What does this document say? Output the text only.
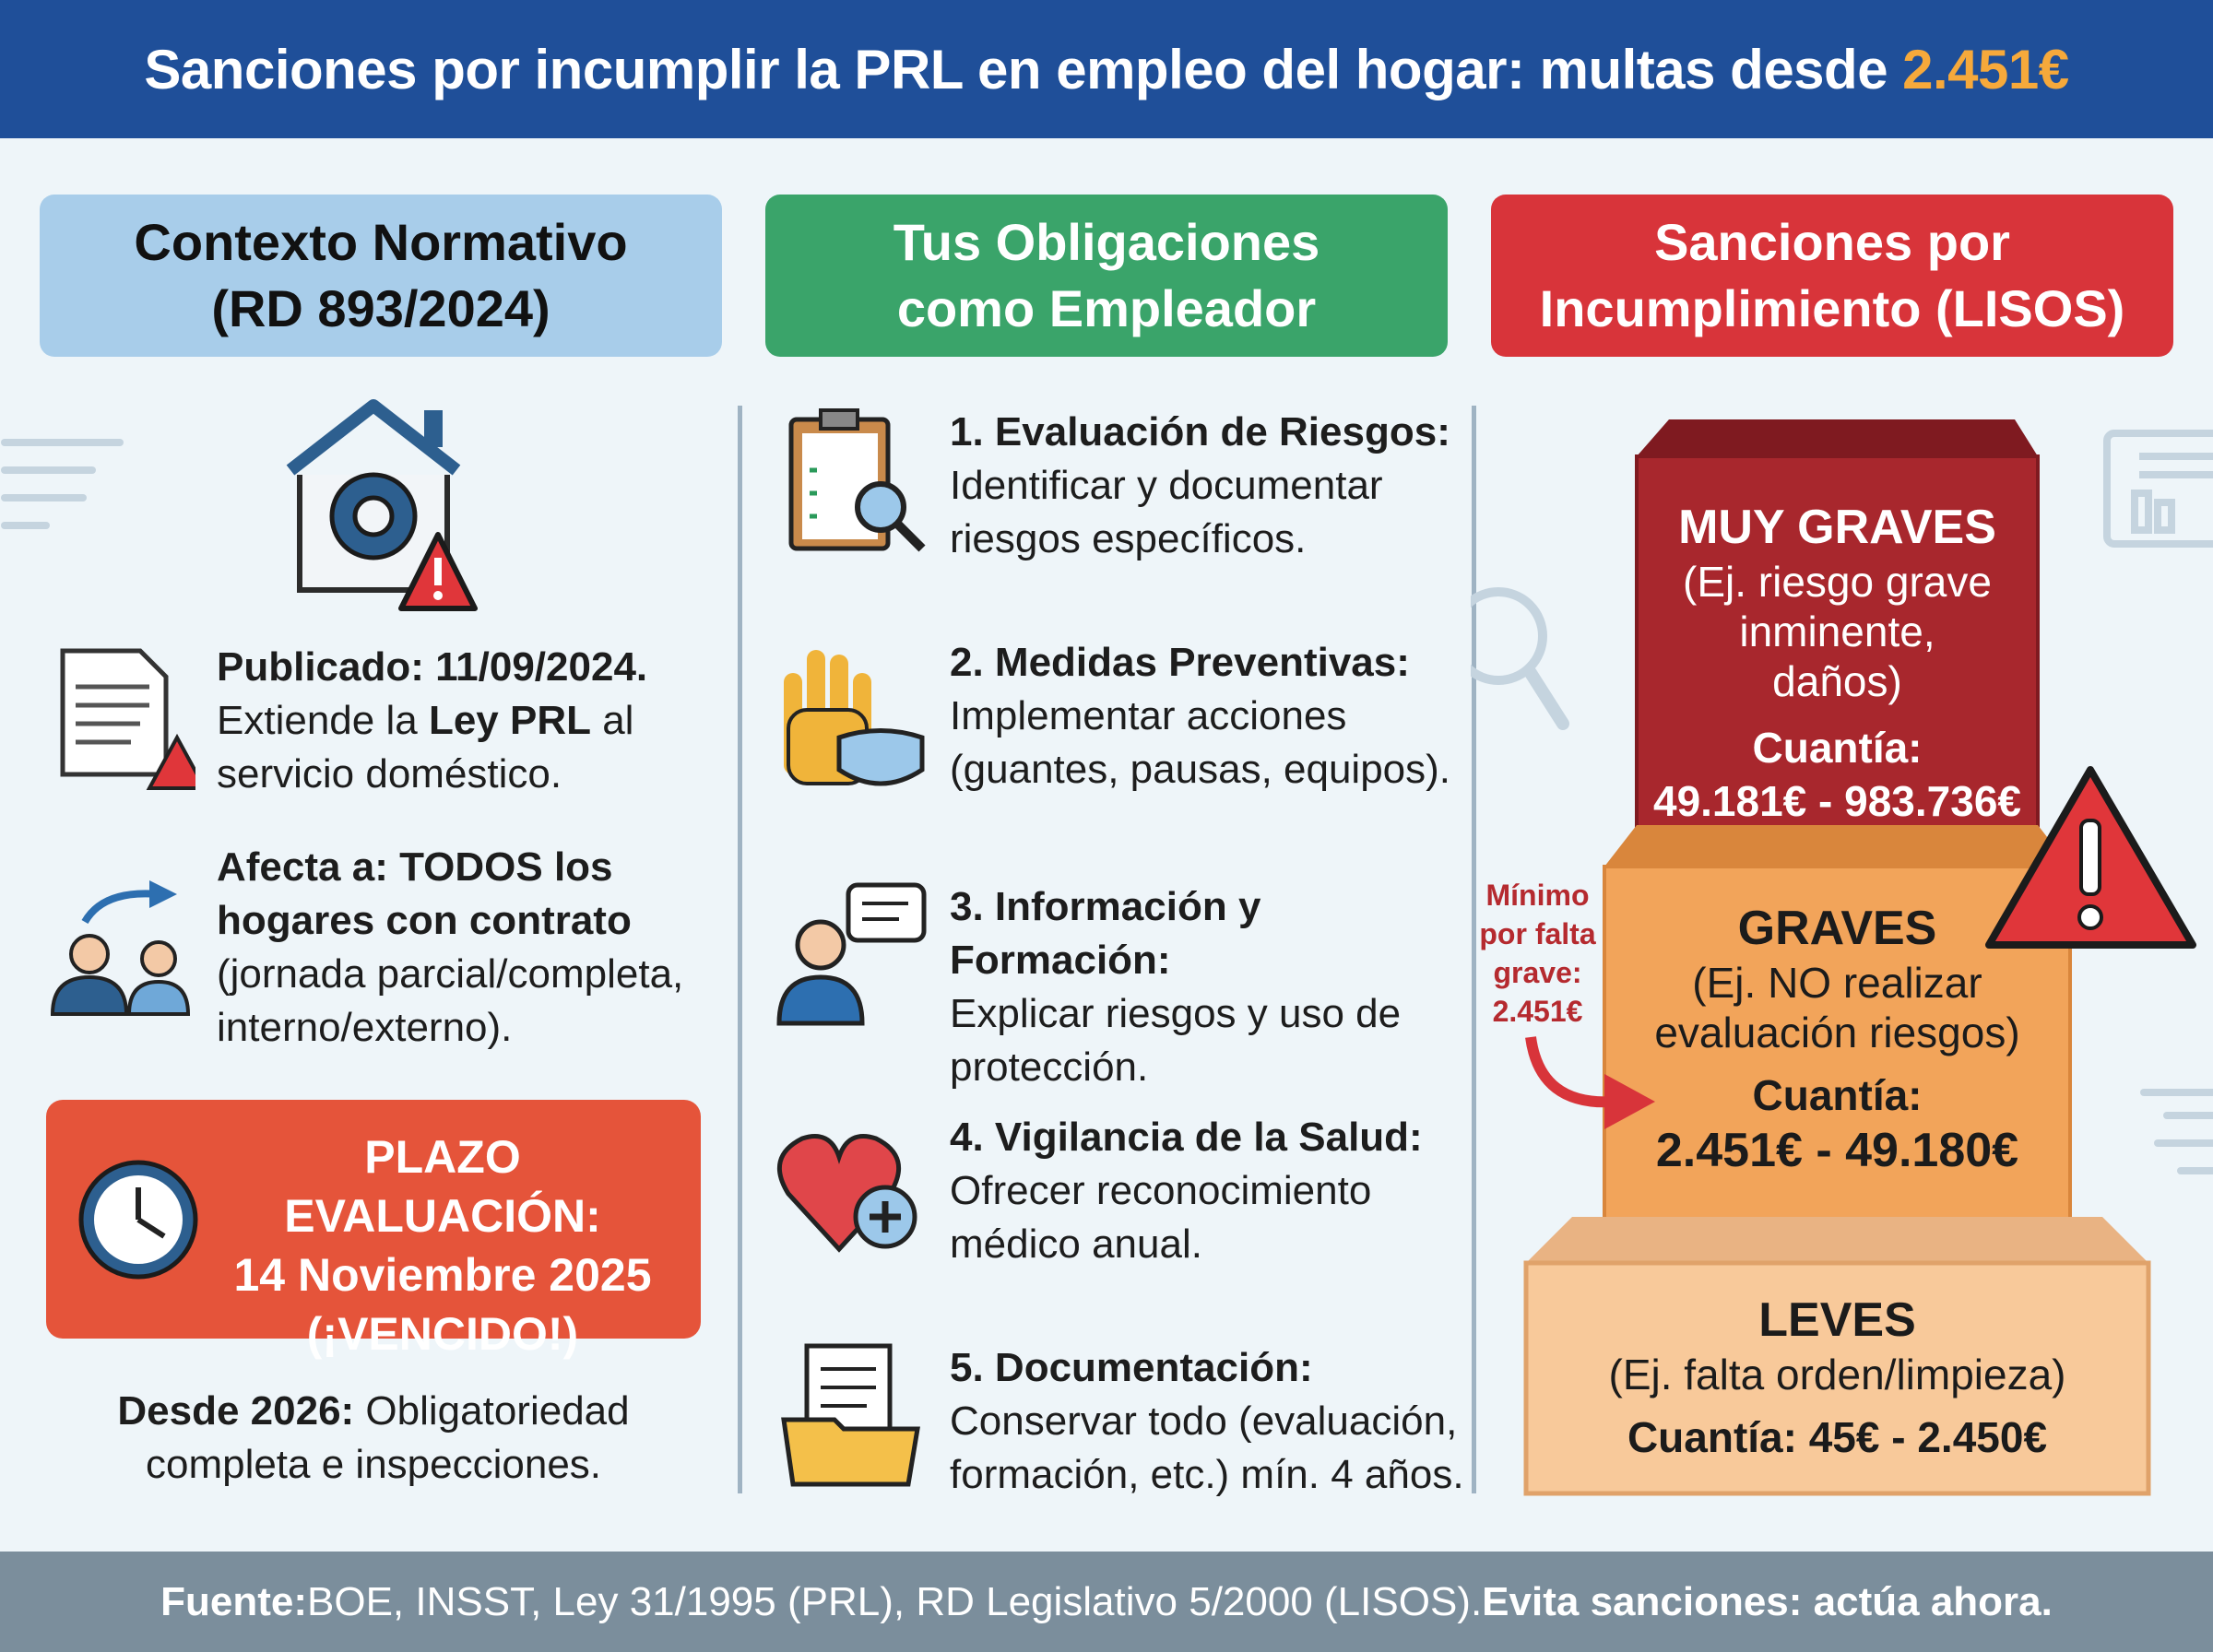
Sanciones por incumplir la PRL en empleo del hogar: multas desde 2.451€
Contexto Normativo
(RD 893/2024)
Tus Obligaciones
como Empleador
Sanciones por
Incumplimiento (LISOS)
Publicado: 11/09/2024.
Extiende la Ley PRL al servicio doméstico.
Afecta a: TODOS los hogares con contrato
(jornada parcial/completa, interno/externo).
PLAZO EVALUACIÓN:
14 Noviembre 2025
(¡VENCIDO!)
Desde 2026: Obligatoriedad completa e inspecciones.
1. Evaluación de Riesgos:
Identificar y documentar riesgos específicos.
2. Medidas Preventivas:
Implementar acciones (guantes, pausas, equipos).
3. Información y Formación:
Explicar riesgos y uso de protección.
4. Vigilancia de la Salud:
Ofrecer reconocimiento médico anual.
5. Documentación:
Conservar todo (evaluación, formación, etc.) mín. 4 años.
MUY GRAVES
(Ej. riesgo grave inminente, daños)
Cuantía:
49.181€ - 983.736€
GRAVES
(Ej. NO realizar evaluación riesgos)
Cuantía:
2.451€ - 49.180€
LEVES
(Ej. falta orden/limpieza)
Cuantía: 45€ - 2.450€
Mínimo por falta grave: 2.451€
Fuente: BOE, INSST, Ley 31/1995 (PRL), RD Legislativo 5/2000 (LISOS). Evita sanciones: actúa ahora.
